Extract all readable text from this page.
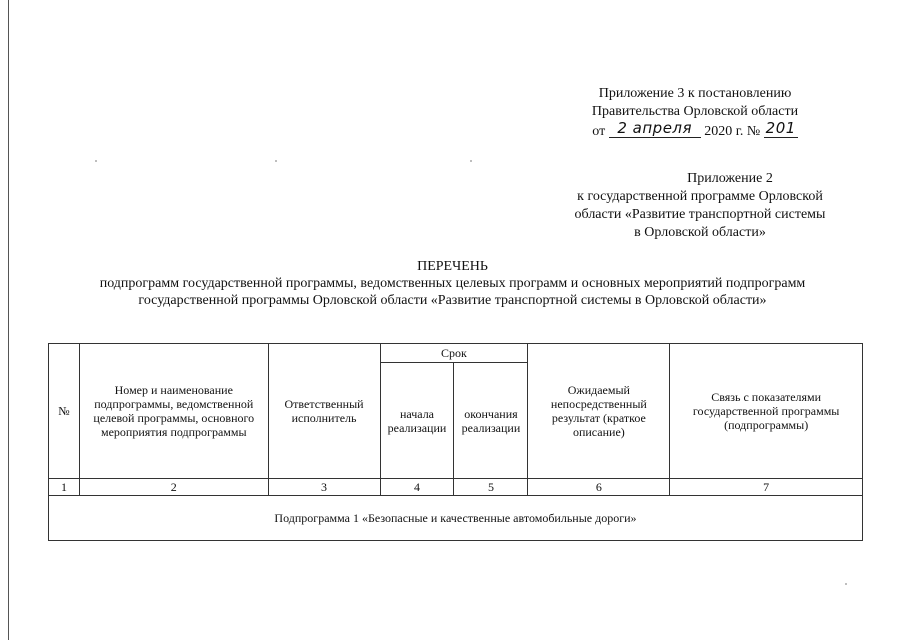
Приложение 3 к постановлению
Правительства Орловской области
от 2 апреля 2020 г. № 201
Приложение 2
к государственной программе Орловской
области «Развитие транспортной системы
в Орловской области»
ПЕРЕЧЕНЬ
подпрограмм государственной программы, ведомственных целевых программ и основных мероприятий подпрограмм
государственной программы Орловской области «Развитие транспортной системы в Орловской области»
№	Номер и наименование подпрограммы, ведомственной целевой программы, основного мероприятия подпрограммы	Ответственный исполнитель	Срок		Ожидаемый непосредственный результат (краткое описание)	Связь с показателями государственной программы (подпрограммы)
			начала реализации	окончания реализации		
1	2	3	4	5	6	7
Подпрограмма 1 «Безопасные и качественные автомобильные дороги»						
